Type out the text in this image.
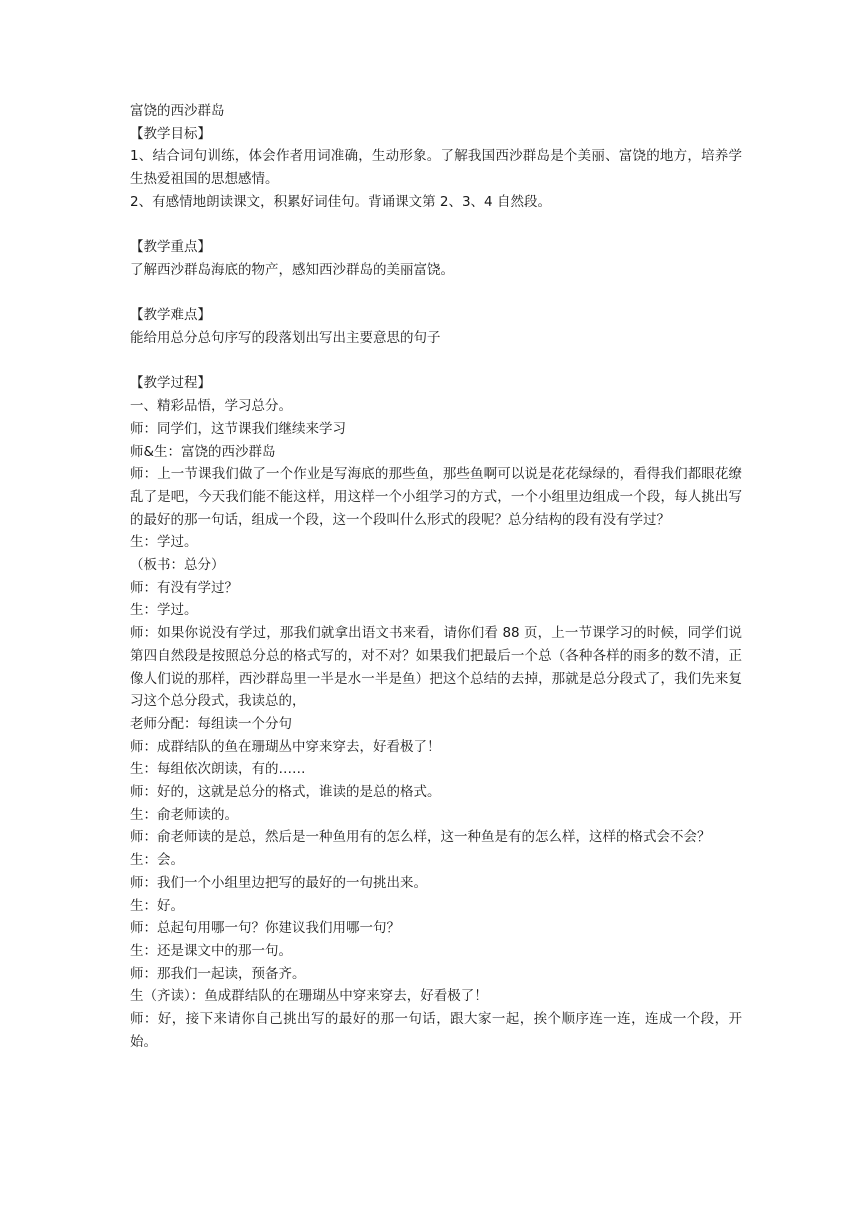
富饶的西沙群岛
【教学目标】
1、结合词句训练，体会作者用词准确，生动形象。了解我国西沙群岛是个美丽、富饶的地方，培养学生热爱祖国的思想感情。
2、有感情地朗读课文，积累好词佳句。背诵课文第 2、3、4 自然段。
【教学重点】
了解西沙群岛海底的物产，感知西沙群岛的美丽富饶。
【教学难点】
能给用总分总句序写的段落划出写出主要意思的句子
【教学过程】
一、精彩品悟，学习总分。
师：同学们，这节课我们继续来学习
师&生：富饶的西沙群岛
师：上一节课我们做了一个作业是写海底的那些鱼，那些鱼啊可以说是花花绿绿的，看得我们都眼花缭乱了是吧，今天我们能不能这样，用这样一个小组学习的方式，一个小组里边组成一个段，每人挑出写的最好的那一句话，组成一个段，这一个段叫什么形式的段呢？总分结构的段有没有学过？
生：学过。
（板书：总分）
师：有没有学过？
生：学过。
师：如果你说没有学过，那我们就拿出语文书来看，请你们看 88 页，上一节课学习的时候，同学们说第四自然段是按照总分总的格式写的，对不对？如果我们把最后一个总（各种各样的雨多的数不清，正像人们说的那样，西沙群岛里一半是水一半是鱼）把这个总结的去掉，那就是总分段式了，我们先来复习这个总分段式，我读总的，
老师分配：每组读一个分句
师：成群结队的鱼在珊瑚丛中穿来穿去，好看极了！
生：每组依次朗读，有的……
师：好的，这就是总分的格式，谁读的是总的格式。
生：俞老师读的。
师：俞老师读的是总，然后是一种鱼用有的怎么样，这一种鱼是有的怎么样，这样的格式会不会？
生：会。
师：我们一个小组里边把写的最好的一句挑出来。
生：好。
师：总起句用哪一句？你建议我们用哪一句？
生：还是课文中的那一句。
师：那我们一起读，预备齐。
生（齐读）：鱼成群结队的在珊瑚丛中穿来穿去，好看极了！
师：好，接下来请你自己挑出写的最好的那一句话，跟大家一起，挨个顺序连一连，连成一个段，开始。
